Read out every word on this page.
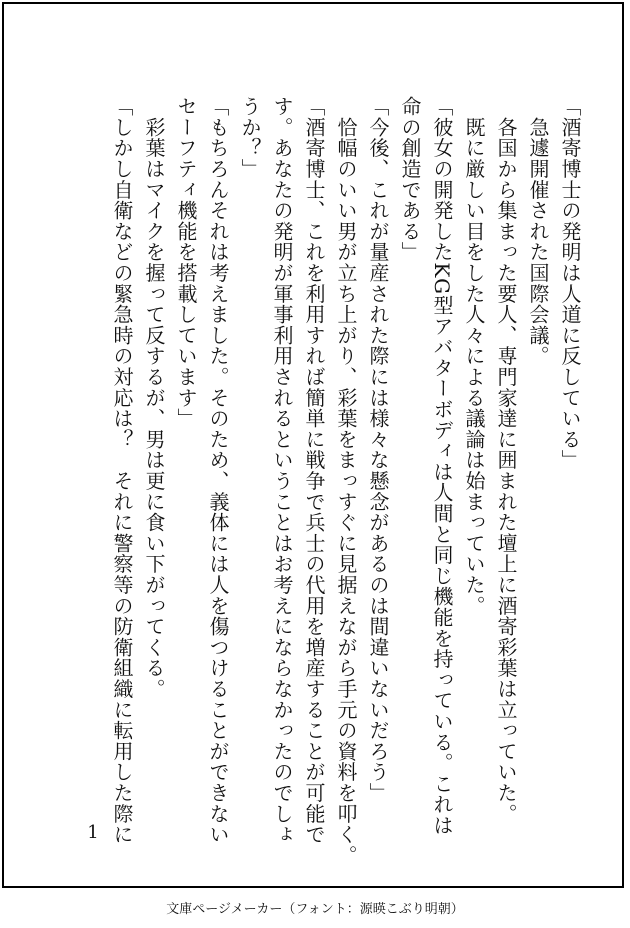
「酒寄博士の発明は人道に反している」
　急遽開催された国際会議。
　各国から集まった要人、専門家達に囲まれた壇上に酒寄彩葉は立っていた。
　既に厳しい目をした人々による議論は始まっていた。
「彼女の開発したKG型アバターボディは人間と同じ機能を持っている。これは
命の創造である」
「今後、これが量産された際には様々な懸念があるのは間違いないだろう」
　恰幅のいい男が立ち上がり、彩葉をまっすぐに見据えながら手元の資料を叩く。
「酒寄博士、これを利用すれば簡単に戦争で兵士の代用を増産することが可能で
す。あなたの発明が軍事利用されるということはお考えにならなかったのでしょ
うか？」
「もちろんそれは考えました。そのため、義体には人を傷つけることができない
セーフティ機能を搭載しています」
　彩葉はマイクを握って反するが、男は更に食い下がってくる。
「しかし自衛などの緊急時の対応は？　それに警察等の防衛組織に転用した際に
1
文庫ページメーカー（フォント：源暎こぶり明朝）
